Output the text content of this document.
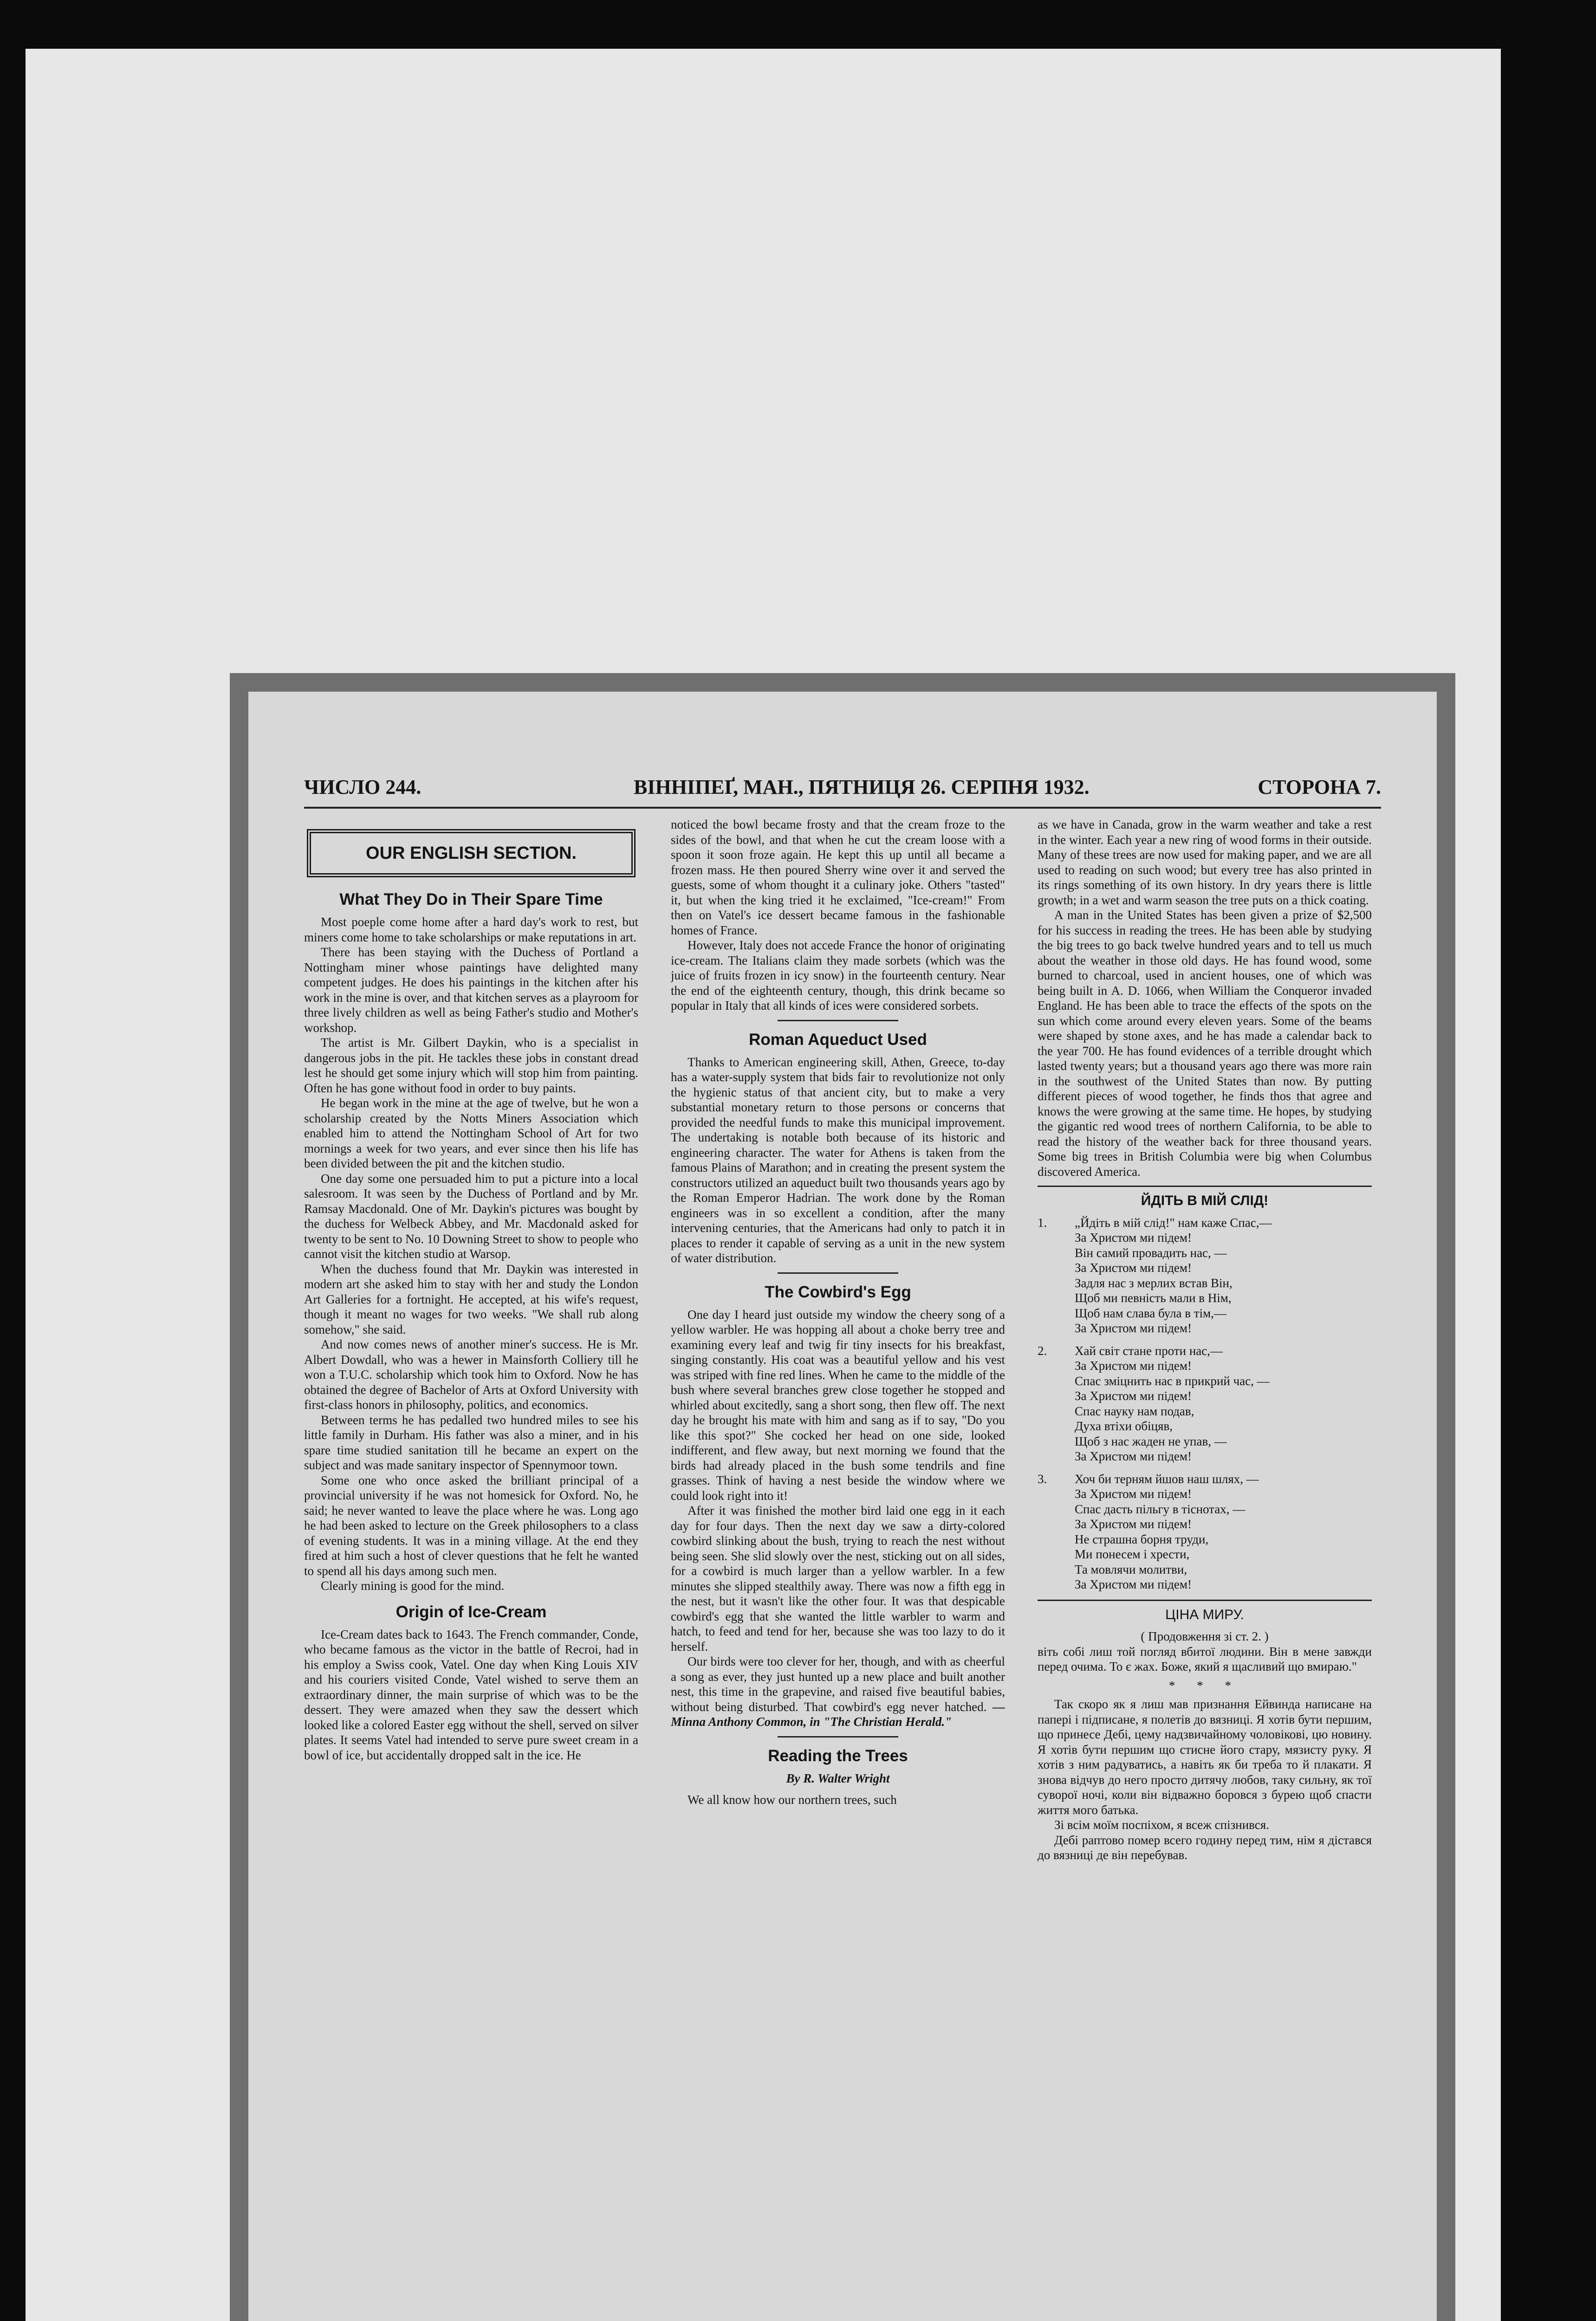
ЧИСЛО 244.	ВІННІПЕҐ, МАН., ПЯТНИЦЯ 26. СЕРПНЯ 1932.	СТОРОНА 7.
OUR ENGLISH SECTION.
What They Do in Their Spare Time

Most poeple come home after a hard day's work to rest, but miners come home to take scholarships or make reputations in art.

There has been staying with the Duchess of Portland a Nottingham miner whose paintings have delighted many competent judges. He does his paintings in the kitchen after his work in the mine is over, and that kitchen serves as a playroom for three lively children as well as being Father's studio and Mother's workshop.

The artist is Mr. Gilbert Daykin, who is a specialist in dangerous jobs in the pit. He tackles these jobs in constant dread lest he should get some injury which will stop him from painting. Often he has gone without food in order to buy paints.

He began work in the mine at the age of twelve, but he won a scholarship created by the Notts Miners Association which enabled him to attend the Nottingham School of Art for two mornings a week for two years, and ever since then his life has been divided between the pit and the kitchen studio.

One day some one persuaded him to put a picture into a local salesroom. It was seen by the Duchess of Portland and by Mr. Ramsay Macdonald. One of Mr. Daykin's pictures was bought by the duchess for Welbeck Abbey, and Mr. Macdonald asked for twenty to be sent to No. 10 Downing Street to show to people who cannot visit the kitchen studio at Warsop.

When the duchess found that Mr. Daykin was interested in modern art she asked him to stay with her and study the London Art Galleries for a fortnight. He accepted, at his wife's request, though it meant no wages for two weeks. "We shall rub along somehow," she said.

And now comes news of another miner's success. He is Mr. Albert Dowdall, who was a hewer in Mainsforth Colliery till he won a T.U.C. scholarship which took him to Oxford. Now he has obtained the degree of Bachelor of Arts at Oxford University with first-class honors in philosophy, politics, and economics.

Between terms he has pedalled two hundred miles to see his little family in Durham. His father was also a miner, and in his spare time studied sanitation till he became an expert on the subject and was made sanitary inspector of Spennymoor town.

Some one who once asked the brilliant principal of a provincial university if he was not homesick for Oxford. No, he said; he never wanted to leave the place where he was. Long ago he had been asked to lecture on the Greek philosophers to a class of evening students. It was in a mining village. At the end they fired at him such a host of clever questions that he felt he wanted to spend all his days among such men.

Clearly mining is good for the mind.

Origin of Ice-Cream

Ice-Cream dates back to 1643. The French commander, Conde, who became famous as the victor in the battle of Recroi, had in his employ a Swiss cook, Vatel. One day when King Louis XIV and his couriers visited Conde, Vatel wished to serve them an extraordinary dinner, the main surprise of which was to be the dessert. They were amazed when they saw the dessert which looked like a colored Easter egg without the shell, served on silver plates. It seems Vatel had intended to serve pure sweet cream in a bowl of ice, but accidentally dropped salt in the ice. He

noticed the bowl became frosty and that the cream froze to the sides of the bowl, and that when he cut the cream loose with a spoon it soon froze again. He kept this up until all became a frozen mass. He then poured Sherry wine over it and served the guests, some of whom thought it a culinary joke. Others "tasted" it, but when the king tried it he exclaimed, "Ice-cream!" From then on Vatel's ice dessert became famous in the fashionable homes of France.

However, Italy does not accede France the honor of originating ice-cream. The Italians claim they made sorbets (which was the juice of fruits frozen in icy snow) in the fourteenth century. Near the end of the eighteenth century, though, this drink became so popular in Italy that all kinds of ices were considered sorbets.

Roman Aqueduct Used

Thanks to American engineering skill, Athen, Greece, to-day has a water-supply system that bids fair to revolutionize not only the hygienic status of that ancient city, but to make a very substantial monetary return to those persons or concerns that provided the needful funds to make this municipal improvement. The undertaking is notable both because of its historic and engineering character. The water for Athens is taken from the famous Plains of Marathon; and in creating the present system the constructors utilized an aqueduct built two thousands years ago by the Roman Emperor Hadrian. The work done by the Roman engineers was in so excellent a condition, after the many intervening centuries, that the Americans had only to patch it in places to render it capable of serving as a unit in the new system of water distribution.

The Cowbird's Egg

One day I heard just outside my window the cheery song of a yellow warbler. He was hopping all about a choke berry tree and examining every leaf and twig fir tiny insects for his breakfast, singing constantly. His coat was a beautiful yellow and his vest was striped with fine red lines. When he came to the middle of the bush where several branches grew close together he stopped and whirled about excitedly, sang a short song, then flew off. The next day he brought his mate with him and sang as if to say, "Do you like this spot?" She cocked her head on one side, looked indifferent, and flew away, but next morning we found that the birds had already placed in the bush some tendrils and fine grasses. Think of having a nest beside the window where we could look right into it!

After it was finished the mother bird laid one egg in it each day for four days. Then the next day we saw a dirty-colored cowbird slinking about the bush, trying to reach the nest without being seen. She slid slowly over the nest, sticking out on all sides, for a cowbird is much larger than a yellow warbler. In a few minutes she slipped stealthily away. There was now a fifth egg in the nest, but it wasn't like the other four. It was that despicable cowbird's egg that she wanted the little warbler to warm and hatch, to feed and tend for her, because she was too lazy to do it herself.

Our birds were too clever for her, though, and with as cheerful a song as ever, they just hunted up a new place and built another nest, this time in the grapevine, and raised five beautiful babies, without being disturbed. That cowbird's egg never hatched. — Minna Anthony Common, in "The Christian Herald."

Reading the Trees
By R. Walter Wright

We all know how our northern trees, such

as we have in Canada, grow in the warm weather and take a rest in the winter. Each year a new ring of wood forms in their outside. Many of these trees are now used for making paper, and we are all used to reading on such wood; but every tree has also printed in its rings something of its own history. In dry years there is little growth; in a wet and warm season the tree puts on a thick coating.

A man in the United States has been given a prize of $2,500 for his success in reading the trees. He has been able by studying the big trees to go back twelve hundred years and to tell us much about the weather in those old days. He has found wood, some burned to charcoal, used in ancient houses, one of which was being built in A. D. 1066, when William the Conqueror invaded England. He has been able to trace the effects of the spots on the sun which come around every eleven years. Some of the beams were shaped by stone axes, and he has made a calendar back to the year 700. He has found evidences of a terrible drought which lasted twenty years; but a thousand years ago there was more rain in the southwest of the United States than now. By putting different pieces of wood together, he finds thos that agree and knows the were growing at the same time. He hopes, by studying the gigantic red wood trees of northern California, to be able to read the history of the weather back for three thousand years. Some big trees in British Columbia were big when Columbus discovered America.

ЙДІТЬ В МІЙ СЛІД!
1. „Йдіть в мій слід!" нам каже Спас,—
За Христом ми підем!
Він самий провадить нас, —
За Христом ми підем!
Задля нас з мерлих встав Він,
Щоб ми певність мали в Нім,
Щоб нам слава була в тім,—
За Христом ми підем!
2. Хай світ стане проти нас,—
За Христом ми підем!
Спас зміцнить нас в прикрий час, —
За Христом ми підем!
Спас науку нам подав,
Духа втіхи обіцяв,
Щоб з нас жаден не упав, —
За Христом ми підем!
3. Хоч би терням йшов наш шлях, —
За Христом ми підем!
Спас дасть пільгу в тіснотах, —
За Христом ми підем!
Не страшна борня труди,
Ми понесем і хрести,
Та мовлячи молитви,
За Христом ми підем!
ЦІНА МИРУ.
( Продовження зі ст. 2. )

віть собі лиш той погляд вбитої людини. Він в мене завжди перед очима. То є жах. Боже, який я щасливий що вмираю."

* * *

Так скоро як я лиш мав признання Ейвинда написане на папері і підписане, я полетів до вязниці. Я хотів бути першим, що принесе Дебі, цему надзвичайному чоловікові, цю новину. Я хотів бути першим що стисне його стару, мязисту руку. Я хотів з ним радуватись, а навіть як би треба то й плакати. Я знова відчув до него просто дитячу любов, таку сильну, як тої суворої ночі, коли він відважно боровся з бурею щоб спасти життя мого батька.

Зі всім моїм поспіхом, я всеж спізнився.

Дебі раптово помер всего годину перед тим, нім я дістався до вязниці де він перебував.
